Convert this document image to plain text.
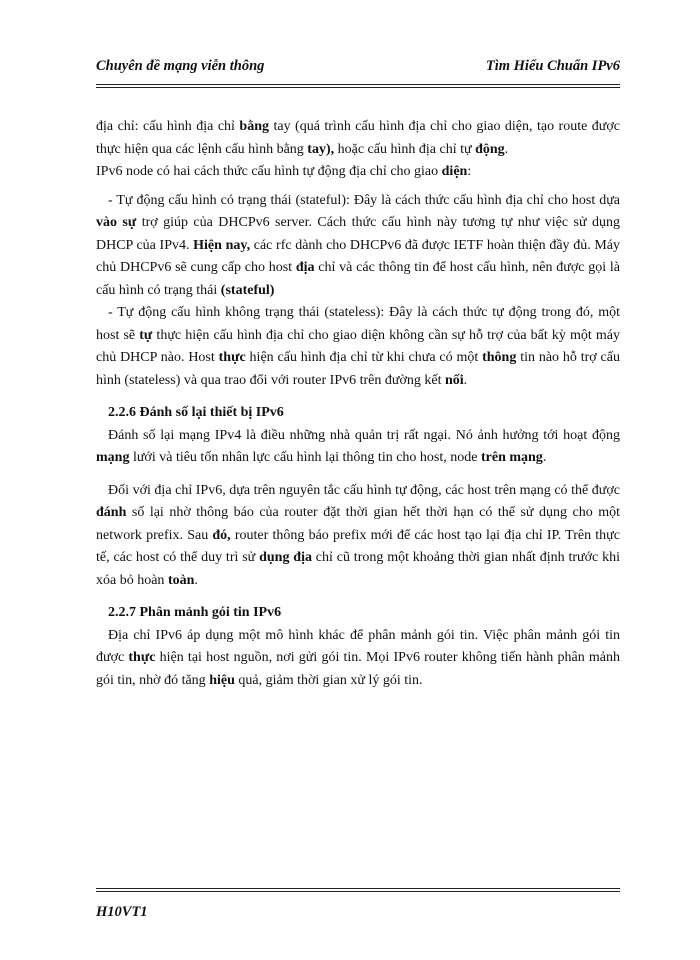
Chuyên đề mạng viễn thông	Tìm Hiểu Chuẩn IPv6

địa chỉ: cấu hình địa chỉ bằng tay (quá trình cấu hình địa chỉ cho giao diện, tạo route được thực hiện qua các lệnh cấu hình bằng tay), hoặc cấu hình địa chỉ tự động.

IPv6 node có hai cách thức cấu hình tự động địa chỉ cho giao diện:

- Tự động cấu hình có trạng thái (stateful): Đây là cách thức cấu hình địa chỉ cho host dựa vào sự trợ giúp của DHCPv6 server. Cách thức cấu hình này tương tự như việc sử dụng DHCP của IPv4. Hiện nay, các rfc dành cho DHCPv6 đã được IETF hoàn thiện đầy đủ. Máy chủ DHCPv6 sẽ cung cấp cho host địa chỉ và các thông tin để host cấu hình, nên được gọi là cấu hình có trạng thái (stateful)

- Tự động cấu hình không trạng thái (stateless): Đây là cách thức tự động trong đó, một host sẽ tự thực hiện cấu hình địa chỉ cho giao diện không cần sự hỗ trợ của bất kỳ một máy chủ DHCP nào. Host thực hiện cấu hình địa chỉ từ khi chưa có một thông tin nào hỗ trợ cấu hình (stateless) và qua trao đổi với router IPv6 trên đường kết nối.

2.2.6 Đánh số lại thiết bị IPv6

Đánh số lại mạng IPv4 là điều những nhà quản trị rất ngại. Nó ảnh hưởng tới hoạt động mạng lưới và tiêu tốn nhân lực cấu hình lại thông tin cho host, node trên mạng.

Đối với địa chỉ IPv6, dựa trên nguyên tắc cấu hình tự động, các host trên mạng có thể được đánh số lại nhờ thông báo của router đặt thời gian hết thời hạn có thể sử dụng cho một network prefix. Sau đó, router thông báo prefix mới để các host tạo lại địa chỉ IP. Trên thực tế, các host có thể duy trì sử dụng địa chỉ cũ trong một khoảng thời gian nhất định trước khi xóa bỏ hoàn toàn.

2.2.7 Phân mảnh gói tin IPv6

Địa chỉ IPv6 áp dụng một mô hình khác để phân mảnh gói tin. Việc phân mảnh gói tin được thực hiện tại host nguồn, nơi gửi gói tin. Mọi IPv6 router không tiến hành phân mảnh gói tin, nhờ đó tăng hiệu quả, giảm thời gian xử lý gói tin.

H10VT1
